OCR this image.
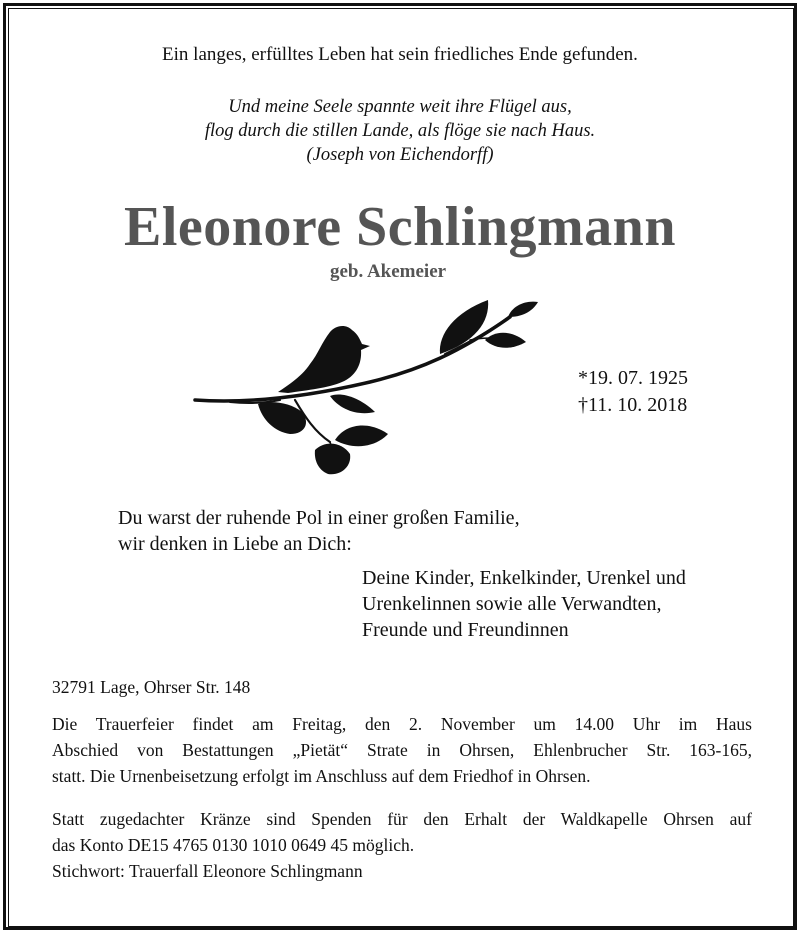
Ein langes, erfülltes Leben hat sein friedliches Ende gefunden.
Und meine Seele spannte weit ihre Flügel aus,
flog durch die stillen Lande, als flöge sie nach Haus.
(Joseph von Eichendorff)
Eleonore Schlingmann
geb. Akemeier
*19. 07. 1925
†11. 10. 2018
Du warst der ruhende Pol in einer großen Familie,
wir denken in Liebe an Dich:
Deine Kinder, Enkelkinder, Urenkel und
Urenkelinnen sowie alle Verwandten,
Freunde und Freundinnen
32791 Lage, Ohrser Str. 148
Die Trauerfeier findet am Freitag, den 2. November um 14.00 Uhr im Haus
Abschied von Bestattungen „Pietät“ Strate in Ohrsen, Ehlenbrucher Str. 163-165,
statt. Die Urnenbeisetzung erfolgt im Anschluss auf dem Friedhof in Ohrsen.
Statt zugedachter Kränze sind Spenden für den Erhalt der Waldkapelle Ohrsen auf
das Konto DE15 4765 0130 1010 0649 45 möglich.
Stichwort: Trauerfall Eleonore Schlingmann
